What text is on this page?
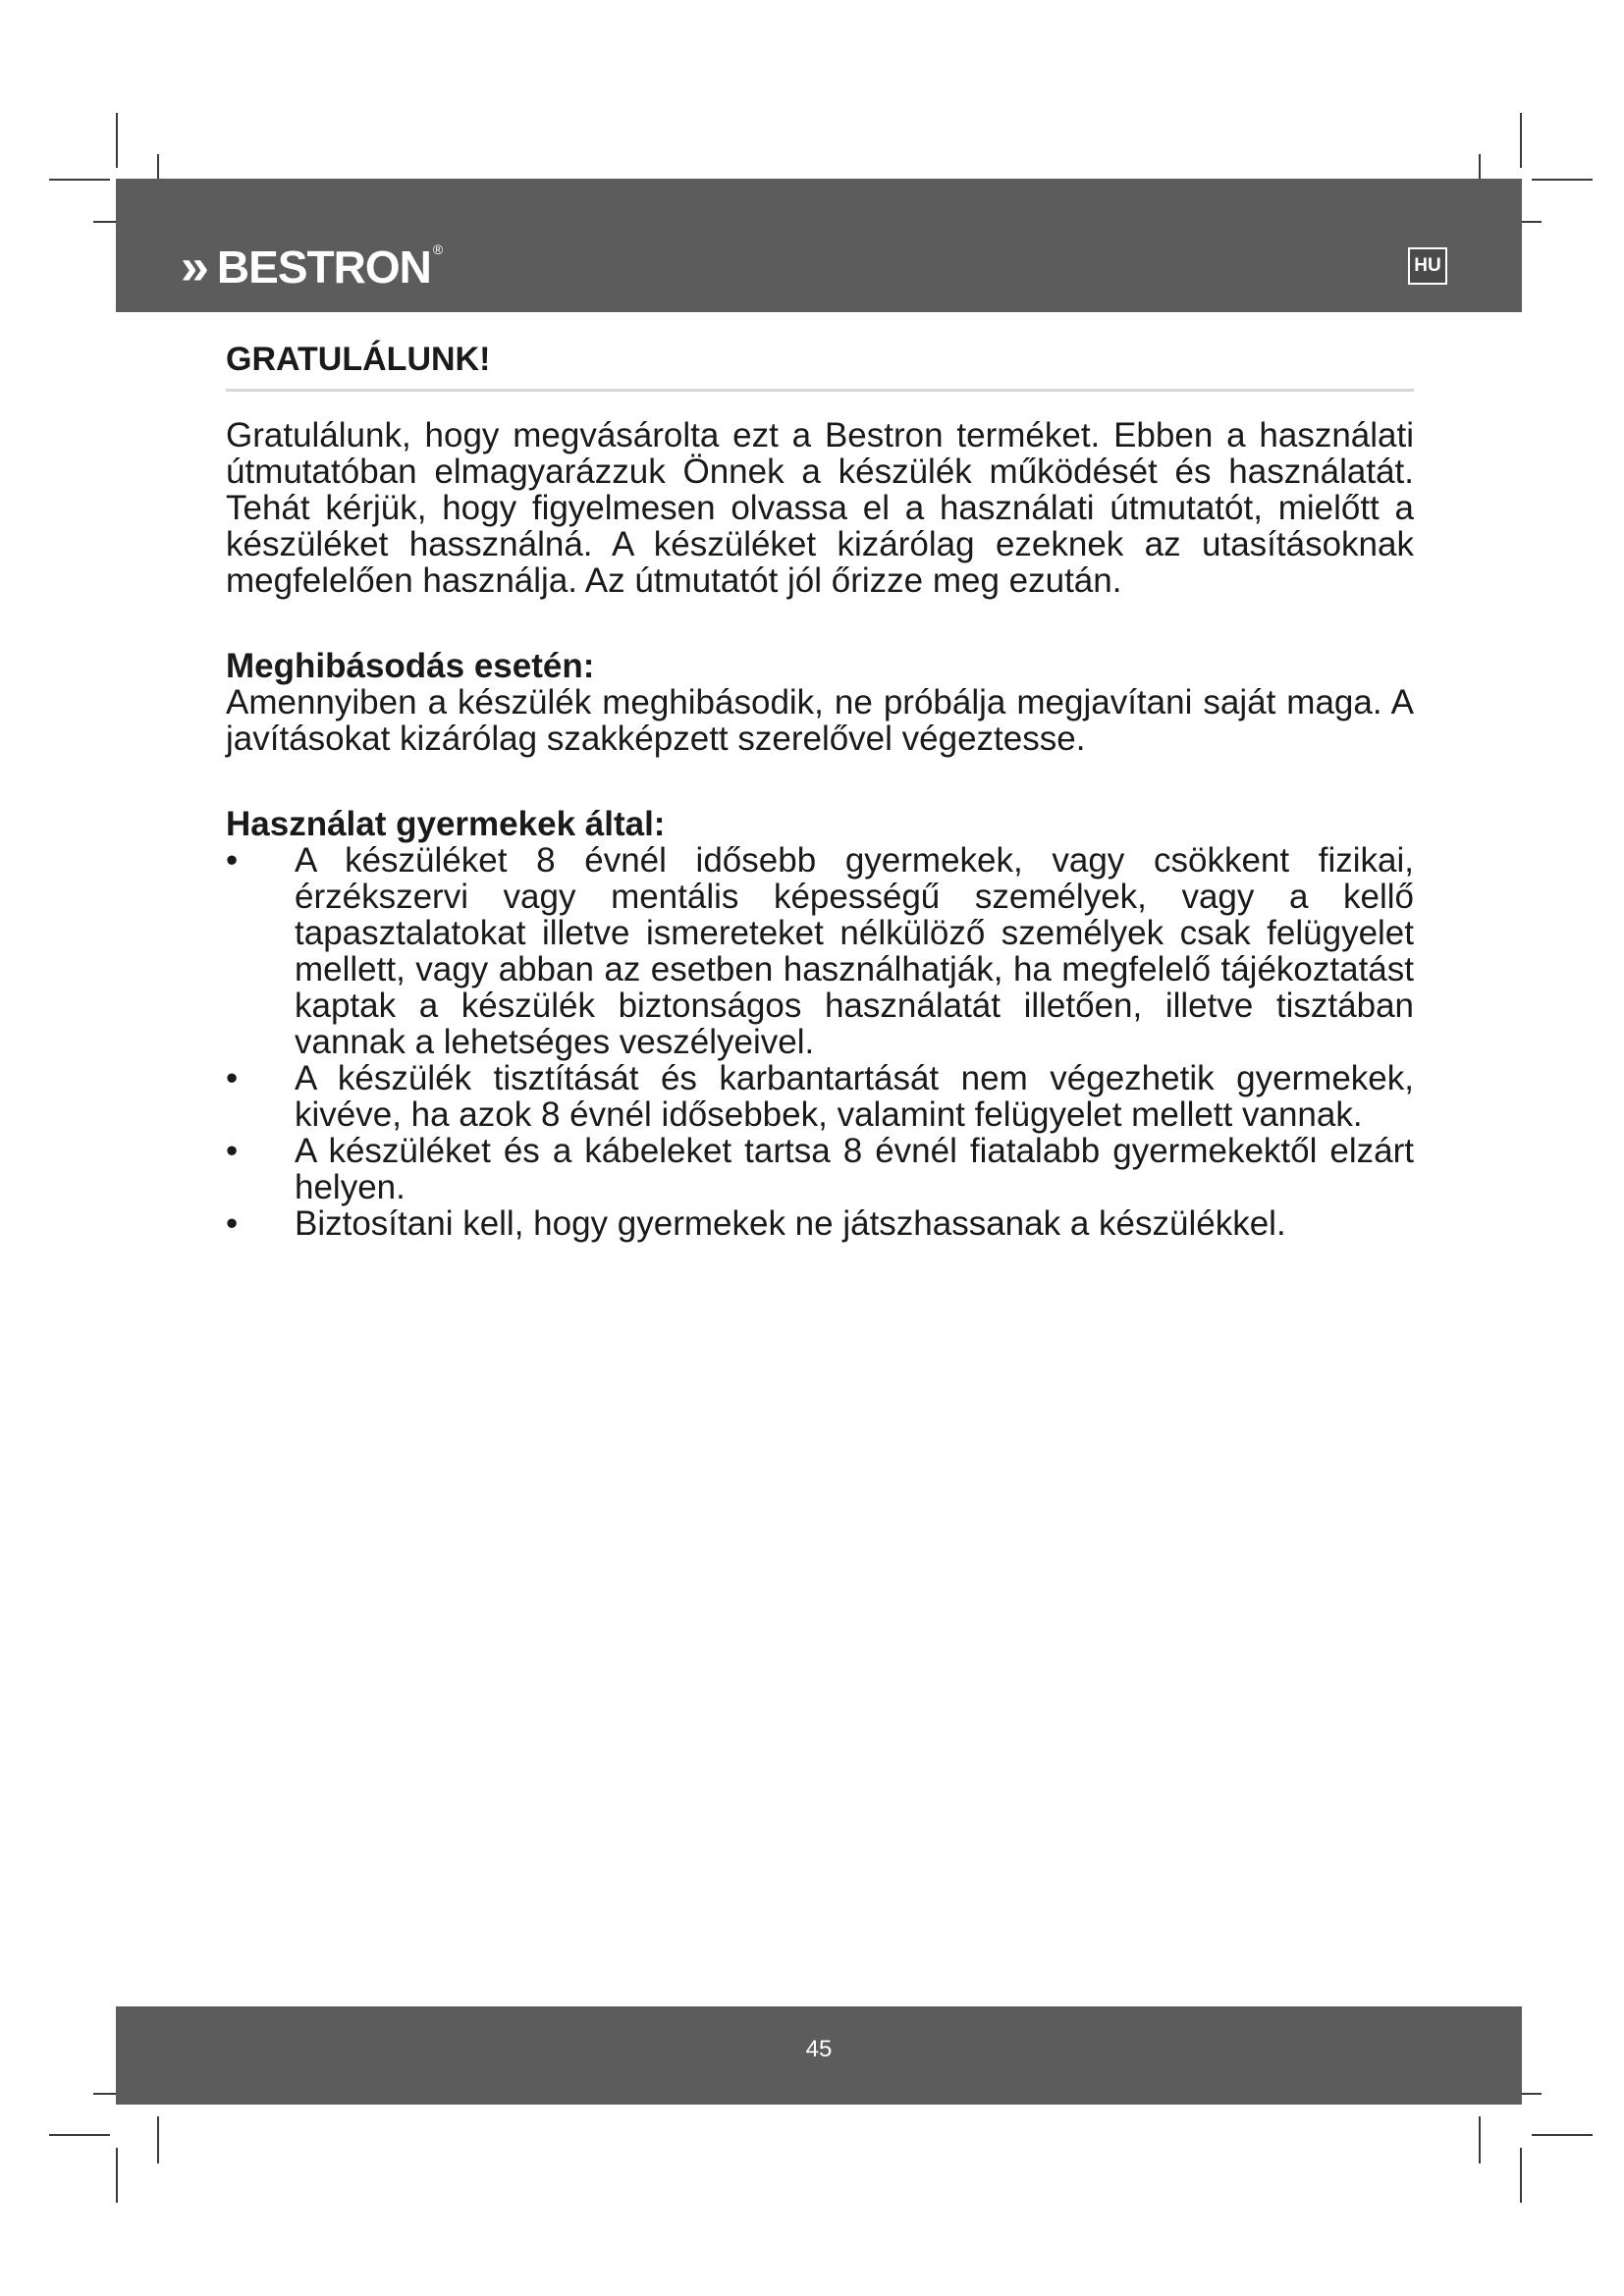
» BESTRON ®
HU
GRATULÁLUNK!

Gratulálunk, hogy megvásárolta ezt a Bestron terméket. Ebben a használati útmutatóban elmagyarázzuk Önnek a készülék működését és használatát. Tehát kérjük, hogy figyelmesen olvassa el a használati útmutatót, mielőtt a készüléket hassználná. A készüléket kizárólag ezeknek az utasításoknak megfelelően használja. Az útmutatót jól őrizze meg ezután.

Meghibásodás esetén:

Amennyiben a készülék meghibásodik, ne próbálja megjavítani saját maga. A javításokat kizárólag szakképzett szerelővel végeztesse.

Használat gyermekek által:

• A készüléket 8 évnél idősebb gyermekek, vagy csökkent fizikai, érzékszervi vagy mentális képességű személyek, vagy a kellő tapasztalatokat illetve ismereteket nélkülöző személyek csak felügyelet mellett, vagy abban az esetben használhatják, ha megfelelő tájékoztatást kaptak a készülék biztonságos használatát illetően, illetve tisztában vannak a lehetséges veszélyeivel.
• A készülék tisztítását és karbantartását nem végezhetik gyermekek, kivéve, ha azok 8 évnél idősebbek, valamint felügyelet mellett vannak.
• A készüléket és a kábeleket tartsa 8 évnél fiatalabb gyermekektől elzárt helyen.
• Biztosítani kell, hogy gyermekek ne játszhassanak a készülékkel.
45
